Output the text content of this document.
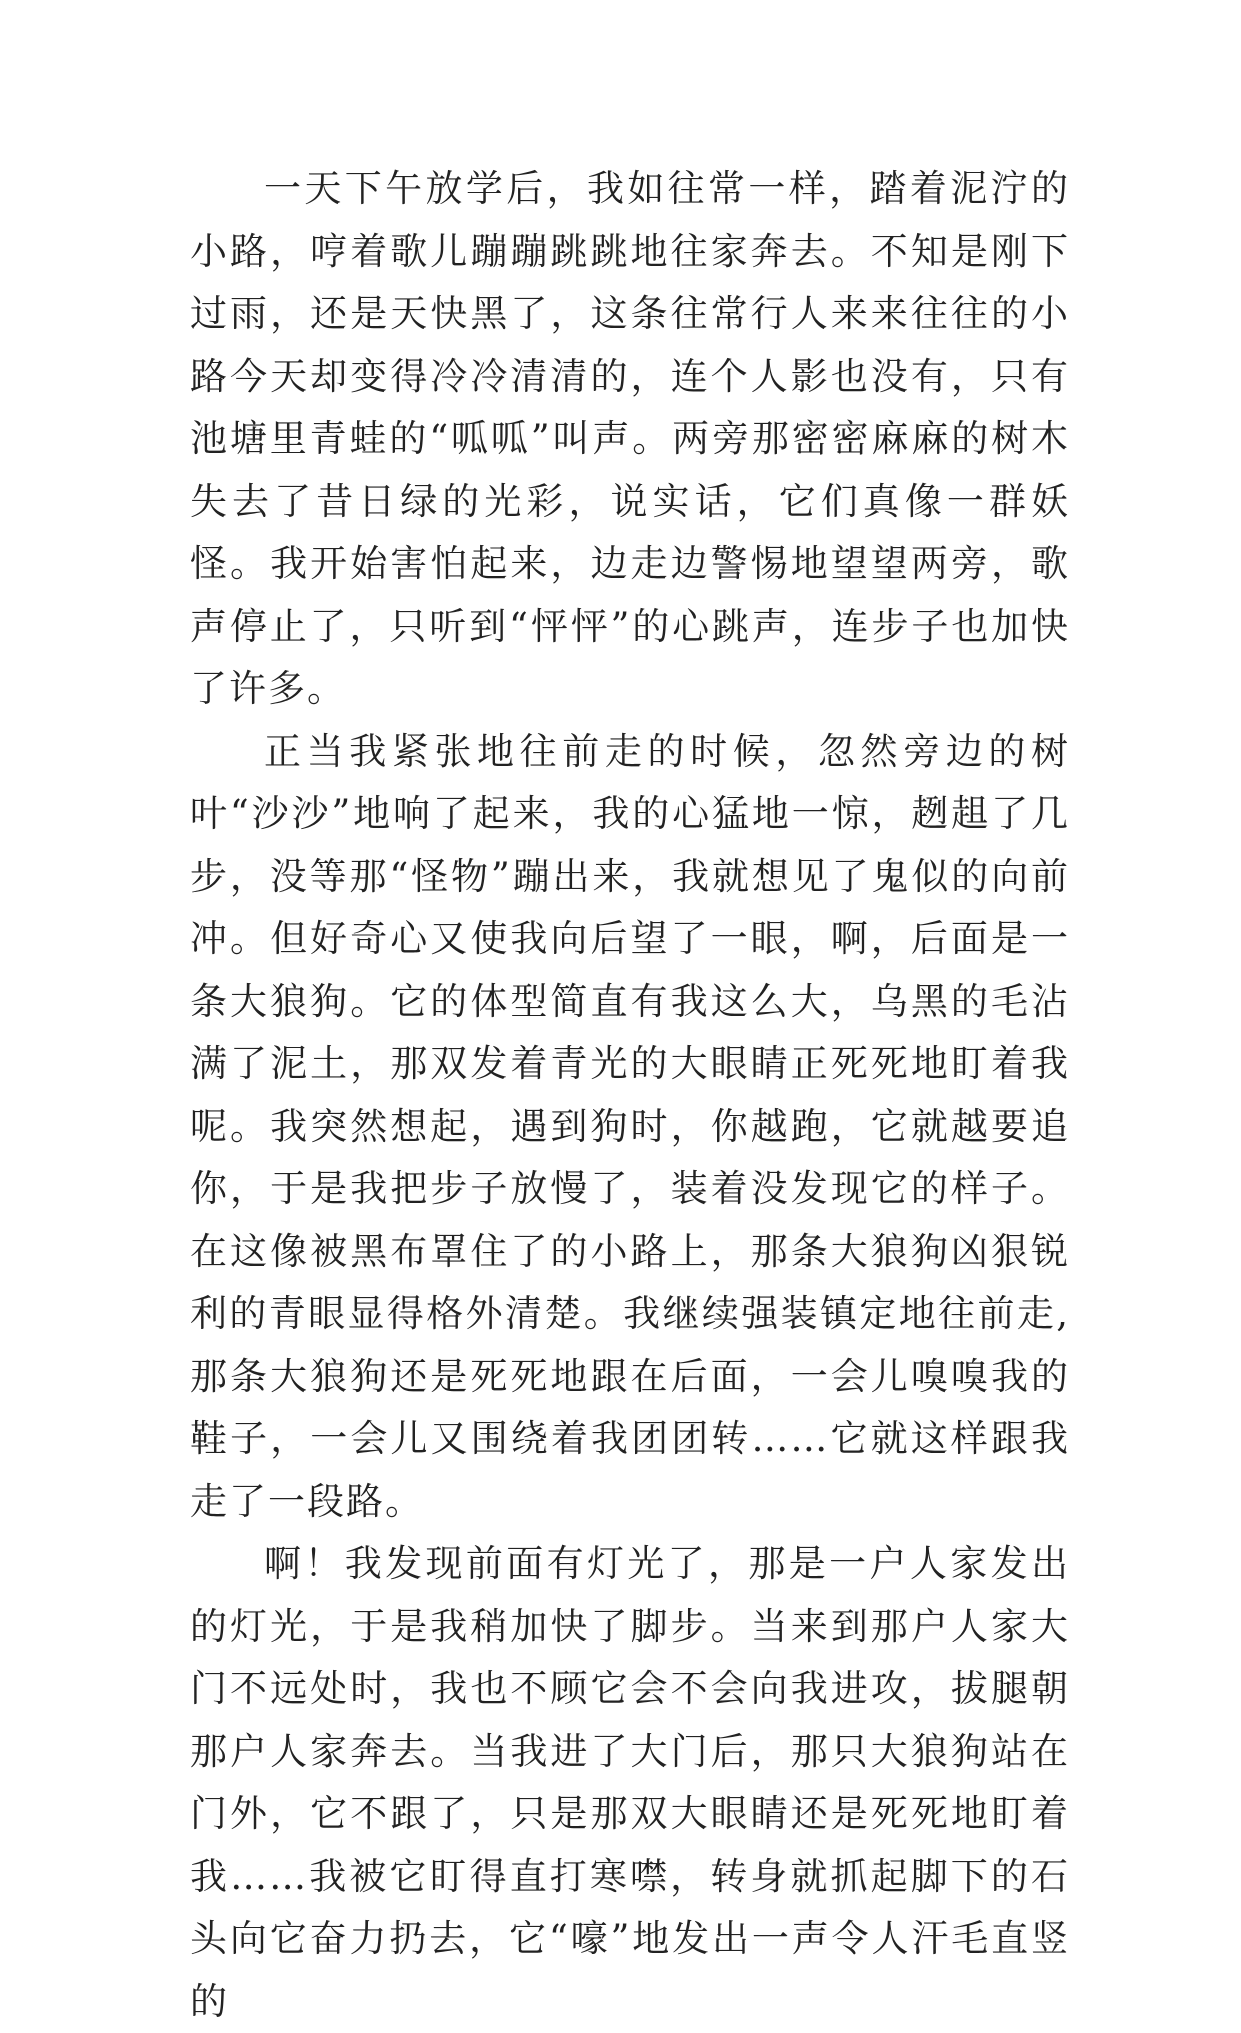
一天下午放学后，我如往常一样，踏着泥泞的小路，哼着歌儿蹦蹦跳跳地往家奔去。不知是刚下过雨，还是天快黑了，这条往常行人来来往往的小路今天却变得冷冷清清的，连个人影也没有，只有池塘里青蛙的“呱呱”叫声。两旁那密密麻麻的树木失去了昔日绿的光彩，说实话，它们真像一群妖怪。我开始害怕起来，边走边警惕地望望两旁，歌声停止了，只听到“怦怦”的心跳声，连步子也加快了许多。

正当我紧张地往前走的时候，忽然旁边的树叶“沙沙”地响了起来，我的心猛地一惊，趔趄了几步，没等那“怪物”蹦出来，我就想见了鬼似的向前冲。但好奇心又使我向后望了一眼，啊，后面是一条大狼狗。它的体型简直有我这么大，乌黑的毛沾满了泥土，那双发着青光的大眼睛正死死地盯着我呢。我突然想起，遇到狗时，你越跑，它就越要追你，于是我把步子放慢了，装着没发现它的样子。在这像被黑布罩住了的小路上，那条大狼狗凶狠锐利的青眼显得格外清楚。我继续强装镇定地往前走,那条大狼狗还是死死地跟在后面，一会儿嗅嗅我的鞋子，一会儿又围绕着我团团转……它就这样跟我走了一段路。

啊！我发现前面有灯光了，那是一户人家发出的灯光，于是我稍加快了脚步。当来到那户人家大门不远处时，我也不顾它会不会向我进攻，拔腿朝那户人家奔去。当我进了大门后，那只大狼狗站在门外，它不跟了，只是那双大眼睛还是死死地盯着我……我被它盯得直打寒噤，转身就抓起脚下的石头向它奋力扔去，它“嚎”地发出一声令人汗毛直竖的
